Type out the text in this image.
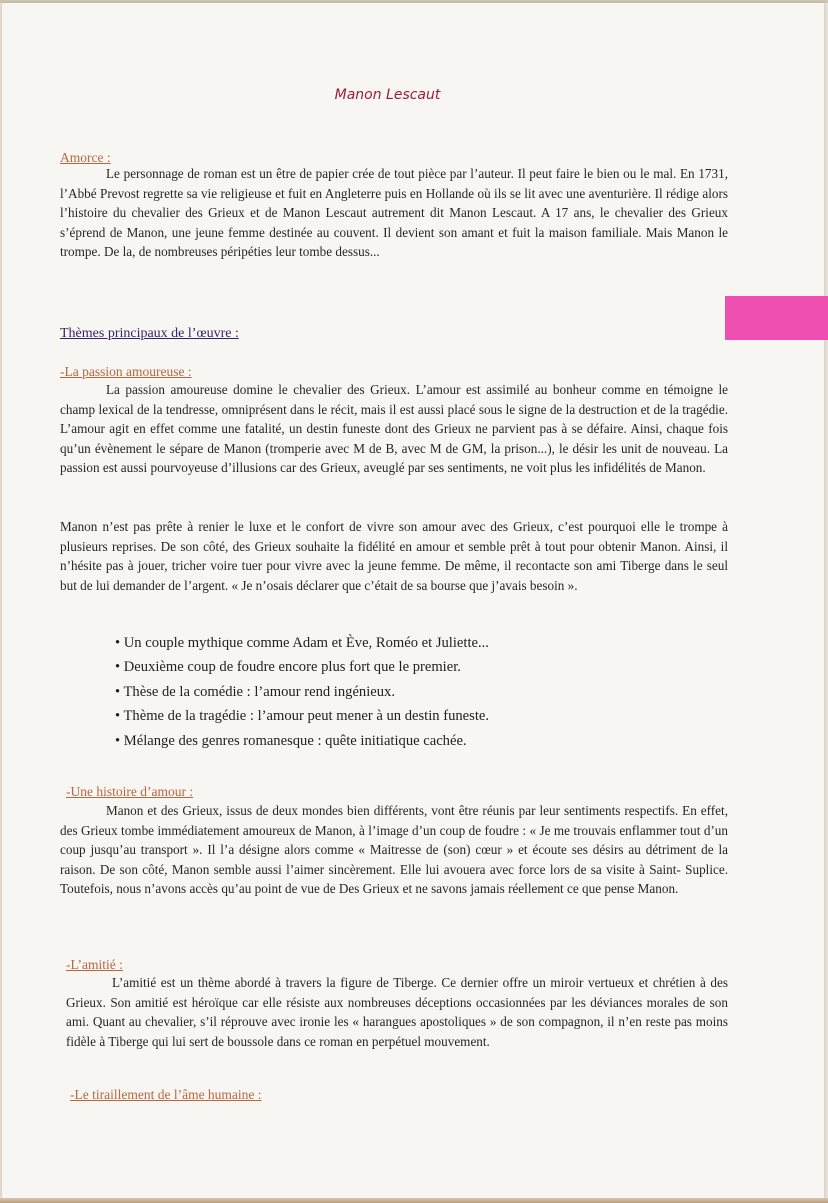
Manon Lescaut
Amorce :

Le personnage de roman est un être de papier crée de tout pièce par l’auteur. Il peut faire le bien ou le mal. En 1731, l’Abbé Prevost regrette sa vie religieuse et fuit en Angleterre puis en Hollande où ils se lit avec une aventurière. Il rédige alors l’histoire du chevalier des Grieux et de Manon Lescaut autrement dit Manon Lescaut. A 17 ans, le chevalier des Grieux s’éprend de Manon, une jeune femme destinée au couvent. Il devient son amant et fuit la maison familiale. Mais Manon le trompe. De la, de nombreuses péripéties leur tombe dessus...

Thèmes principaux de l’œuvre :
-La passion amoureuse :

La passion amoureuse domine le chevalier des Grieux. L’amour est assimilé au bonheur comme en témoigne le champ lexical de la tendresse, omniprésent dans le récit, mais il est aussi placé sous le signe de la destruction et de la tragédie. L’amour agit en effet comme une fatalité, un destin funeste dont des Grieux ne parvient pas à se défaire. Ainsi, chaque fois qu’un évènement le sépare de Manon (tromperie avec M de B, avec M de GM, la prison...), le désir les unit de nouveau. La passion est aussi pourvoyeuse d’illusions car des Grieux, aveuglé par ses sentiments, ne voit plus les infidélités de Manon.

Manon n’est pas prête à renier le luxe et le confort de vivre son amour avec des Grieux, c’est pourquoi elle le trompe à plusieurs reprises. De son côté, des Grieux souhaite la fidélité en amour et semble prêt à tout pour obtenir Manon. Ainsi, il n’hésite pas à jouer, tricher voire tuer pour vivre avec la jeune femme. De même, il recontacte son ami Tiberge dans le seul but de lui demander de l’argent. « Je n’osais déclarer que c’était de sa bourse que j’avais besoin ».

• Un couple mythique comme Adam et Ève, Roméo et Juliette...
• Deuxième coup de foudre encore plus fort que le premier.
• Thèse de la comédie : l’amour rend ingénieux.
• Thème de la tragédie : l’amour peut mener à un destin funeste.
• Mélange des genres romanesque : quête initiatique cachée.
-Une histoire d’amour :

Manon et des Grieux, issus de deux mondes bien différents, vont être réunis par leur sentiments respectifs. En effet, des Grieux tombe immédiatement amoureux de Manon, à l’image d’un coup de foudre : « Je me trouvais enflammer tout d’un coup jusqu’au transport ». Il l’a désigne alors comme « Maitresse de (son) cœur » et écoute ses désirs au détriment de la raison. De son côté, Manon semble aussi l’aimer sincèrement. Elle lui avouera avec force lors de sa visite à Saint- Suplice. Toutefois, nous n’avons accès qu’au point de vue de Des Grieux et ne savons jamais réellement ce que pense Manon.

-L’amitié :

L’amitié est un thème abordé à travers la figure de Tiberge. Ce dernier offre un miroir vertueux et chrétien à des Grieux. Son amitié est héroïque car elle résiste aux nombreuses déceptions occasionnées par les déviances morales de son ami. Quant au chevalier, s’il réprouve avec ironie les « harangues apostoliques » de son compagnon, il n’en reste pas moins fidèle à Tiberge qui lui sert de boussole dans ce roman en perpétuel mouvement.

-Le tiraillement de l’âme humaine :
